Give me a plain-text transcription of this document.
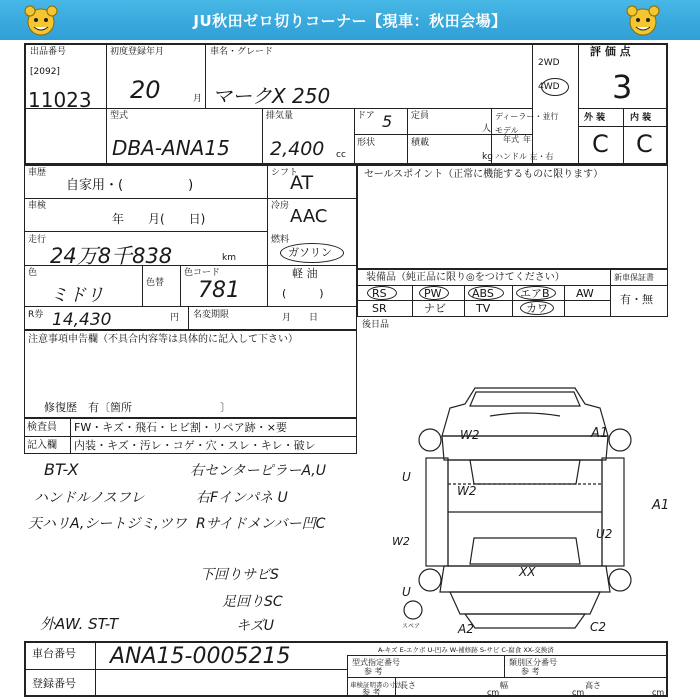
JU秋田ゼロ切りコーナー【現車：秋田会場】
出品番号
[2092]
11023
初度登録年月
20	月
車名・グレード
マークX 250
2WD
4WD
評 価 点
3
型式
DBA-ANA15
排気量
2,400 cc
ドア 5 定員
人
形状	積載
kg
ディーラー・並行
モデル
年式 年
ハンドル 左・右
外 装	内 装
C C
車歴
自家用・(　　　　　)
シフト
AT
車検
年　　月(　　日)
冷房 AAC
走行
24万8千838	km
燃料
ガソリン
軽 油
(　　　)
色
ミドリ
色替
色コード
781
R券 14,430	円 名変期限	月　　日
セールスポイント（正常に機能するものに限ります）
装備品（純正品に限り◎をつけてください）	新車保証書
有・無
RS	PW	ABS エアB AW
SR	ナビ	TV	カワ
後日品
注意事項申告欄（不具合内容等は具体的に記入して下さい）
修復歴　有〔箇所　　　　　　　　〕
検査員 FW・キズ・飛石・ヒビ割・リペア跡・×要
記入欄 内装・キズ・汚レ・コゲ・穴・スレ・キレ・破レ
BT-X
ハンドルノスフレ
天ハリA,シートジミ,ツワ
右センターピラーA,U
右Fインパネ U
Rサイドメンバー凹C
下回りサビS
足回りSC
キズU
外AW. ST-T
W2	A1
U
W2
A1
U2
W2
U
XX
A2	C2
スペア
A-キズ E-エクボ U-凹み W-補修跡 S-サビ C-腐食 XX-交換済
車台番号 ANA15-0005215
登録番号
型式指定番号
参 考
類別区分番号
参 考
車検証明書の寸法
参 考
長さ
cm
幅
cm
高さ
cm
